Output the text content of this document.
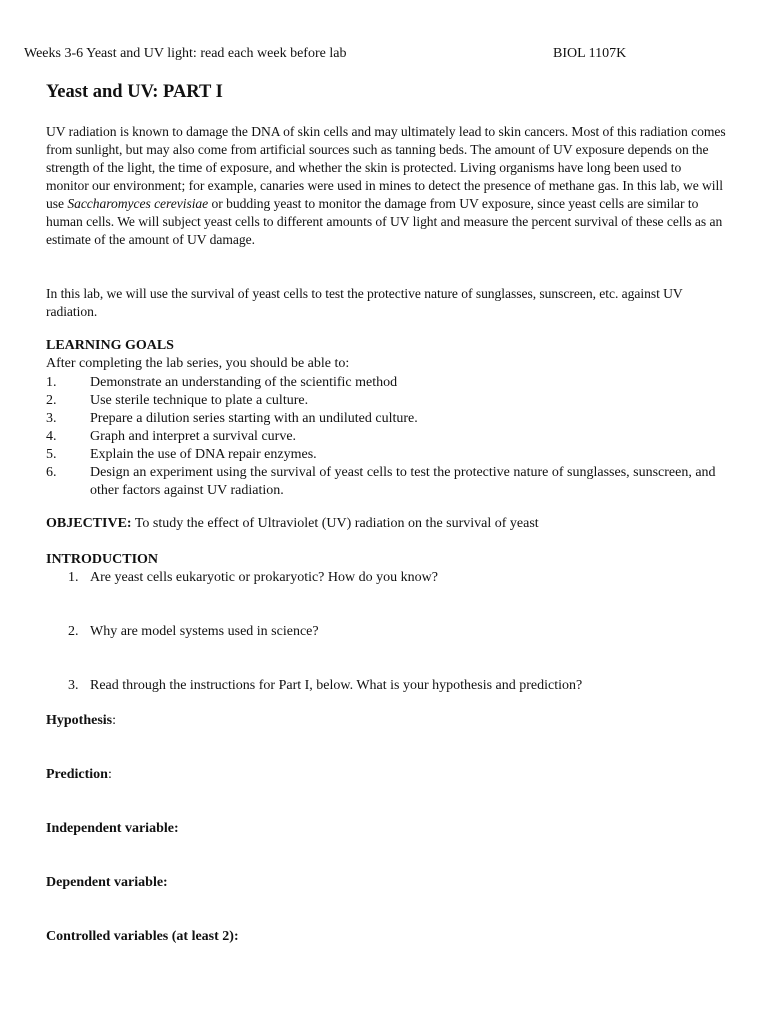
Weeks 3-6 Yeast and UV light: read each week before lab	BIOL 1107K
Yeast and UV: PART I

UV radiation is known to damage the DNA of skin cells and may ultimately lead to skin cancers. Most of this radiation comes from sunlight, but may also come from artificial sources such as tanning beds. The amount of UV exposure depends on the strength of the light, the time of exposure, and whether the skin is protected. Living organisms have long been used to monitor our environment; for example, canaries were used in mines to detect the presence of methane gas. In this lab, we will use Saccharomyces cerevisiae or budding yeast to monitor the damage from UV exposure, since yeast cells are similar to human cells. We will subject yeast cells to different amounts of UV light and measure the percent survival of these cells as an estimate of the amount of UV damage.

In this lab, we will use the survival of yeast cells to test the protective nature of sunglasses, sunscreen, etc. against UV radiation.

LEARNING GOALS
After completing the lab series, you should be able to:
1.	Demonstrate an understanding of the scientific method
2.	Use sterile technique to plate a culture.
3.	Prepare a dilution series starting with an undiluted culture.
4.	Graph and interpret a survival curve.
5.	Explain the use of DNA repair enzymes.
6.	Design an experiment using the survival of yeast cells to test the protective nature of sunglasses, sunscreen, and other factors against UV radiation.

OBJECTIVE: To study the effect of Ultraviolet (UV) radiation on the survival of yeast

INTRODUCTION

1. Are yeast cells eukaryotic or prokaryotic? How do you know?

2. Why are model systems used in science?

3. Read through the instructions for Part I, below. What is your hypothesis and prediction?

Hypothesis:

Prediction:

Independent variable:

Dependent variable:

Controlled variables (at least 2):
